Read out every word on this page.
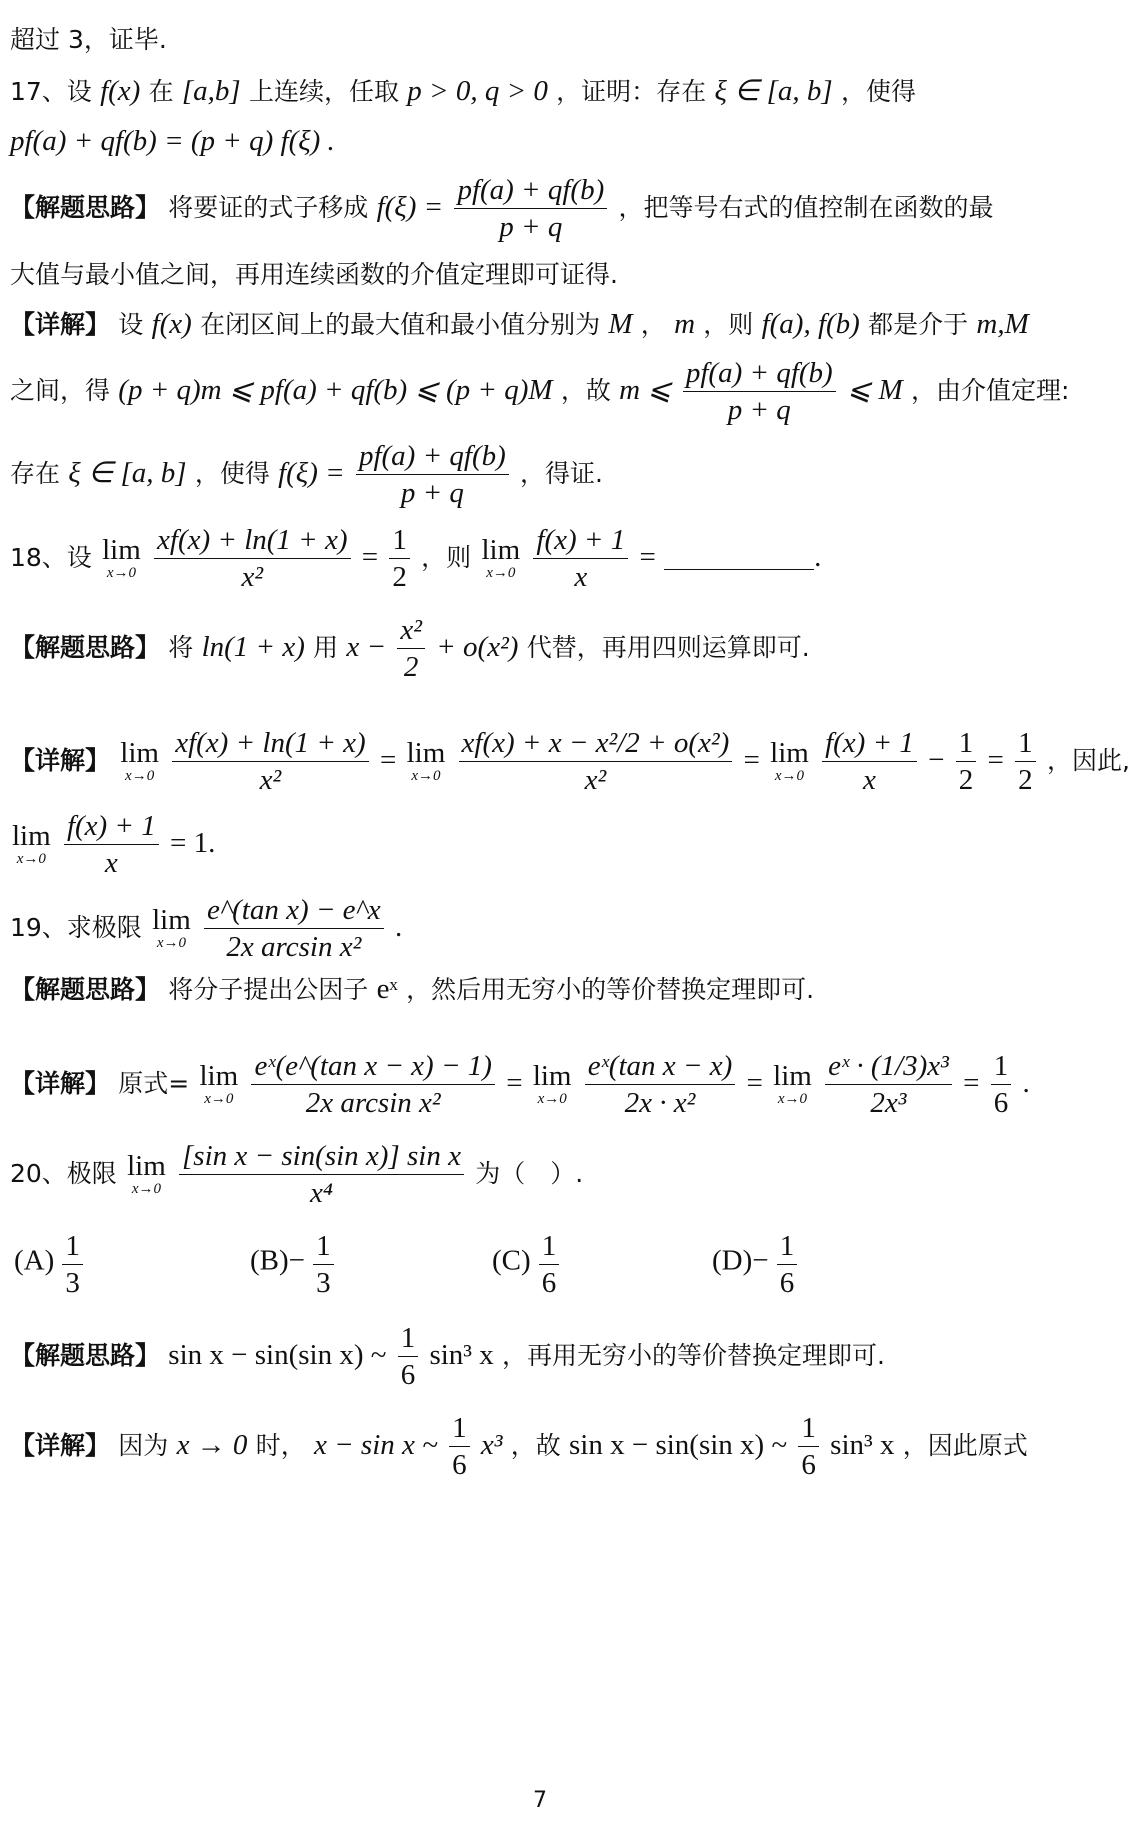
超过 3，证毕.
17、设 f(x) 在 [a,b] 上连续，任取 p > 0, q > 0 ，证明：存在 ξ ∈ [a, b] ，使得
pf(a) + qf(b) = (p + q) f(ξ) .
【解题思路】 将要证的式子移成 $f(\xi) = \frac{pf(a) + qf(b)}{p + q}$ ，把等号右式的值控制在函数的最
大值与最小值之间，再用连续函数的介值定理即可证得.
【详解】 设 f(x) 在闭区间上的最大值和最小值分别为 M ， m ，则 f(a), f(b) 都是介于 m,M
之间，得 (p + q)m ⩽ pf(a) + qf(b) ⩽ (p + q)M ，故 m ⩽ $\frac{pf(a) + qf(b)}{p + q}$ ⩽ M ，由介值定理:
存在 ξ ∈ [a, b] ，使得 $f(\xi) = \frac{pf(a) + qf(b)}{p + q}$ ，得证.
18、设 lim
x→0
$\frac{xf(x) + \ln(1 + x)}{\text{x²}} = \frac{1}{2}$ ，则 lim
x→0
$\frac{f(x) + 1}{x}$ =	.
【解题思路】 将 ln(1 + x) 用 $x - \frac{\text{x²}}{2} + o(x^2)$ 代替，再用四则运算即可.
【详解】 lim
x→0
$\frac{xf(x) + \ln(1 + x)}{\text{x²}} = \lim$
x→0
$\frac{\text{xf(x) + x − x²/2 + o(x²)}}{\text{x²}} = \lim$
x→0
$\frac{f(x) + 1}{x} - \frac{1}{2} = \frac{1}{2}$ ，因此,
lim
x→0
$\frac{f(x) + 1}{x} = 1$.
19、求极限 lim
x→0
$\frac{\text{e\textasciicircum{}(tan x) − e\textasciicircum{}x}}{\text{2x arcsin x²}}$ .
【解题思路】 将分子提出公因子 eˣ ，然后用无穷小的等价替换定理即可.
【详解】 原式= lim
x→0
$\frac{\text{eˣ(e\textasciicircum{}(tan x − x) − 1)}}{\text{2x arcsin x²}} = \lim$
x→0
$\frac{\text{eˣ(tan x − x)}}{\text{2x · x²}} = \lim$
x→0
$\frac{\text{eˣ · (1/3)x³}}{\text{2x³}} = \frac{1}{6}$ .
20、极限 lim
x→0
$\frac{\text{[sin x − sin(sin x)] sin x}}{\text{x⁴}}$ 为（　）.
$(A) \frac{1}{3}$	$(B)- \frac{1}{3}$	$(C) \frac{1}{6}$	$(D)- \frac{1}{6}$
【解题思路】 sin x − sin(sin x) ~ $\frac{1}{6} \sin^3$ x ，再用无穷小的等价替换定理即可.
【详解】 因为 x → 0 时， x − sin x ~ $\frac{1}{6} x^3$ ，故 sin x − sin(sin x) ~ $\frac{1}{6} \sin^3$ x ，因此原式
7
